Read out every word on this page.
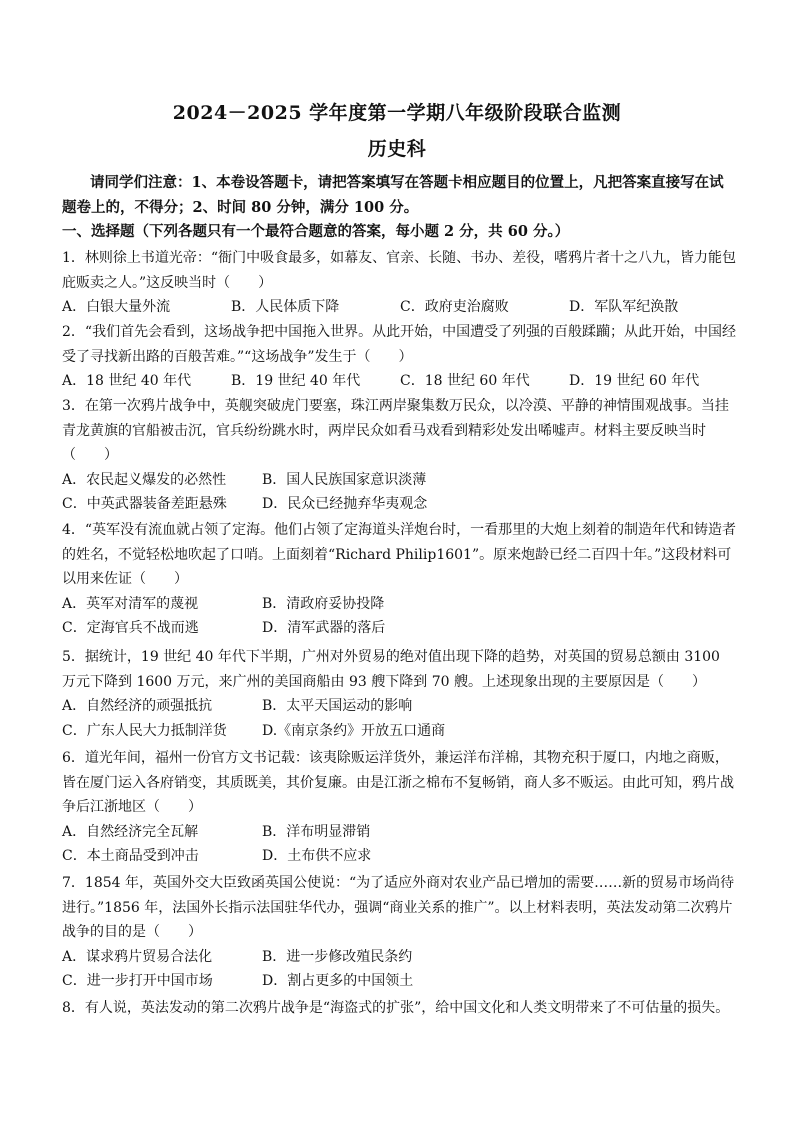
2024－2025 学年度第一学期八年级阶段联合监测
历史科
请同学们注意：1、本卷设答题卡，请把答案填写在答题卡相应题目的位置上，凡把答案直接写在试题卷上的，不得分；2、时间 80 分钟，满分 100 分。
一、选择题（下列各题只有一个最符合题意的答案，每小题 2 分，共 60 分。）

1．林则徐上书道光帝：“衙门中吸食最多，如幕友、官亲、长随、书办、差役，嗜鸦片者十之八九，皆力能包庇贩卖之人。”这反映当时（　　）

A．白银大量外流	B．人民体质下降	C．政府吏治腐败	D．军队军纪涣散

2．“我们首先会看到，这场战争把中国拖入世界。从此开始，中国遭受了列强的百般蹂躏；从此开始，中国经受了寻找新出路的百般苦难。”“这场战争”发生于（　　）

A．18 世纪 40 年代	B．19 世纪 40 年代	C．18 世纪 60 年代	D．19 世纪 60 年代

3．在第一次鸦片战争中，英舰突破虎门要塞，珠江两岸聚集数万民众，以冷漠、平静的神情围观战事。当挂青龙黄旗的官船被击沉，官兵纷纷跳水时，两岸民众如看马戏看到精彩处发出唏嘘声。材料主要反映当时（　　）

A．农民起义爆发的必然性	B．国人民族国家意识淡薄
C．中英武器装备差距悬殊	D．民众已经抛弃华夷观念

4．“英军没有流血就占领了定海。他们占领了定海道头洋炮台时，一看那里的大炮上刻着的制造年代和铸造者的姓名，不觉轻松地吹起了口哨。上面刻着“Richard Philip1601”。原来炮龄已经二百四十年。”这段材料可以用来佐证（　　）

A．英军对清军的蔑视	B．清政府妥协投降
C．定海官兵不战而逃	D．清军武器的落后

5．据统计，19 世纪 40 年代下半期，广州对外贸易的绝对值出现下降的趋势，对英国的贸易总额由 3100 万元下降到 1600 万元，来广州的美国商船由 93 艘下降到 70 艘。上述现象出现的主要原因是（　　）

A．自然经济的顽强抵抗	B．太平天国运动的影响
C．广东人民大力抵制洋货	D.《南京条约》开放五口通商

6．道光年间，福州一份官方文书记载：该夷除贩运洋货外，兼运洋布洋棉，其物充积于厦口，内地之商贩，皆在厦门运入各府销变，其质既美，其价复廉。由是江浙之棉布不复畅销，商人多不贩运。由此可知，鸦片战争后江浙地区（　　）

A．自然经济完全瓦解	B．洋布明显滞销
C．本土商品受到冲击	D．土布供不应求

7．1854 年，英国外交大臣致函英国公使说：“为了适应外商对农业产品已增加的需要……新的贸易市场尚待进行。”1856 年，法国外长指示法国驻华代办，强调“商业关系的推广”。以上材料表明，英法发动第二次鸦片战争的目的是（　　）

A．谋求鸦片贸易合法化	B．进一步修改殖民条约
C．进一步打开中国市场	D．割占更多的中国领土

8．有人说，英法发动的第二次鸦片战争是“海盗式的扩张”，给中国文化和人类文明带来了不可估量的损失。
